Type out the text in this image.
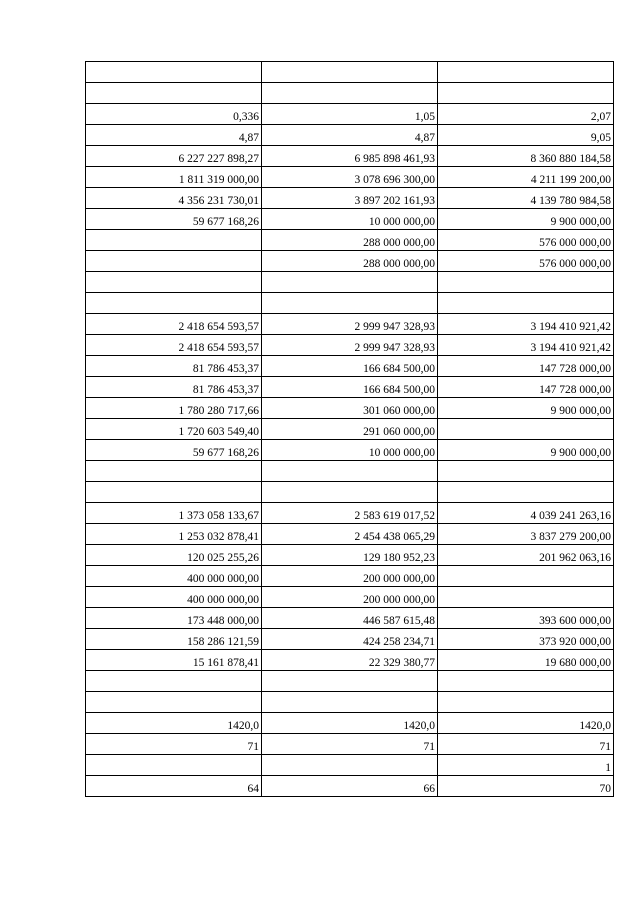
0,336	1,05	2,07
4,87	4,87	9,05
6 227 227 898,27	6 985 898 461,93	8 360 880 184,58
1 811 319 000,00	3 078 696 300,00	4 211 199 200,00
4 356 231 730,01	3 897 202 161,93	4 139 780 984,58
59 677 168,26	10 000 000,00	9 900 000,00
	288 000 000,00	576 000 000,00
	288 000 000,00	576 000 000,00

2 418 654 593,57	2 999 947 328,93	3 194 410 921,42
2 418 654 593,57	2 999 947 328,93	3 194 410 921,42
81 786 453,37	166 684 500,00	147 728 000,00
81 786 453,37	166 684 500,00	147 728 000,00
1 780 280 717,66	301 060 000,00	9 900 000,00
1 720 603 549,40	291 060 000,00	
59 677 168,26	10 000 000,00	9 900 000,00

1 373 058 133,67	2 583 619 017,52	4 039 241 263,16
1 253 032 878,41	2 454 438 065,29	3 837 279 200,00
120 025 255,26	129 180 952,23	201 962 063,16
400 000 000,00	200 000 000,00	
400 000 000,00	200 000 000,00	
173 448 000,00	446 587 615,48	393 600 000,00
158 286 121,59	424 258 234,71	373 920 000,00
15 161 878,41	22 329 380,77	19 680 000,00

1420,0	1420,0	1420,0
71	71	71
		1
64	66	70
